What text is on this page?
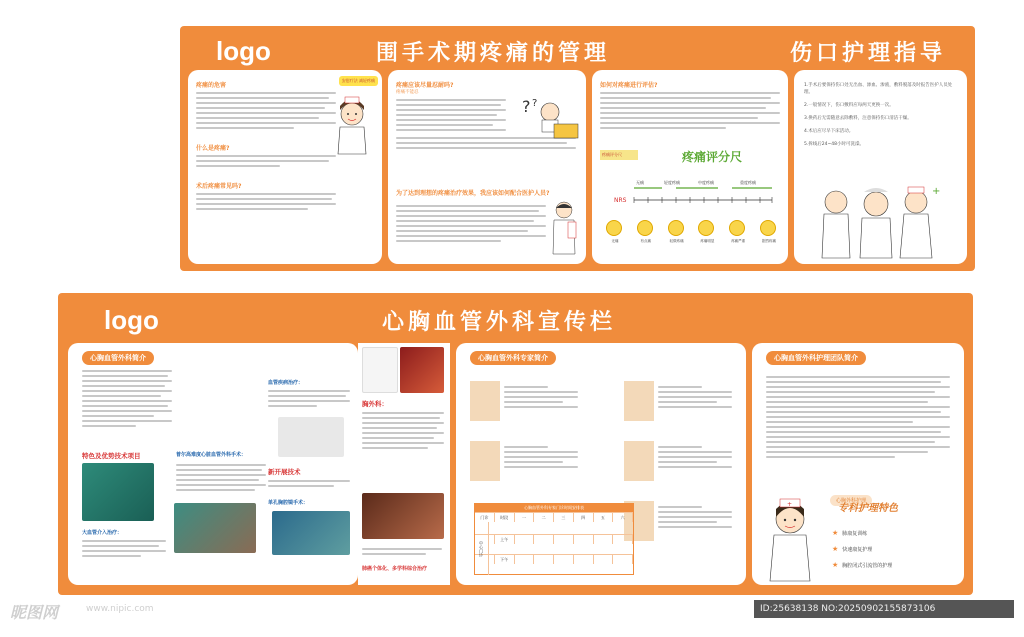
logo	围手术期疼痛的管理	伤口护理指导
疼痛的危害
什么是疼痛?
术后疼痛常见吗?
安慰疗法 减轻疼痛
疼痛应该尽量忍耐吗?
疼痛不能忍
为了达到理想的疼痛治疗效果，我应该如何配合医护人员?
? ?
如何对疼痛进行评估?
疼痛评分尺	疼痛评分尺
NRS
无痛	轻度疼痛	中度疼痛	重度疼痛
无痛	有点痛	轻微疼痛	疼痛明显	疼痛严重	剧烈疼痛
1.手术后要保持伤口处无出血、渗血、渗液，敷料脱落及时报告医护人员处理。
2.一般情况下，伤口敷料应每两天更换一次。
3.换药后无需随意去除敷料，注意保持伤口清洁干燥。
4.术后应尽早下床活动。
5.拆线后24~48小时可洗澡。
+
logo	心胸血管外科宣传栏
心胸血管外科简介
特色及优势技术项目
大血管介入治疗：
普尔高难度心脏血管外科手术：
血管疾病治疗：
新开展技术
单孔胸腔镜手术：
胸外科：
肺癌个体化、多学科综合治疗
心胸血管外科专家简介
心胸血管外科专家门诊时间安排表
门诊	时段	一	二	三	四	五	六
上午
下午
中心门诊
心胸血管外科护理团队简介
+	心胸外科护理
专科护理特色
★ 肺康复训练
★ 快速康复护理
★ 胸腔闭式引流管的护理
昵图网	www.nipic.com	ID:25638138 NO:20250902155873106
